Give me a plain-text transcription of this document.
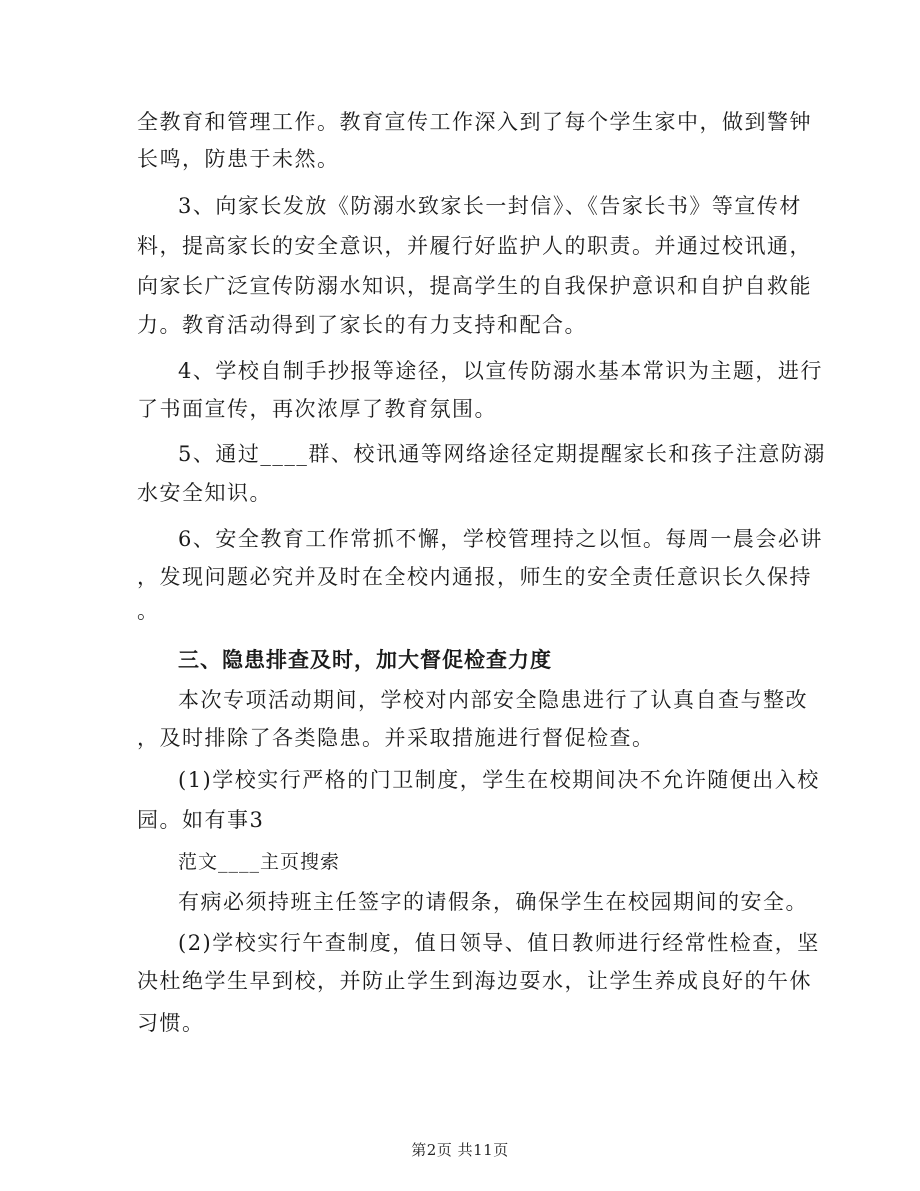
全教育和管理工作。教育宣传工作深入到了每个学生家中，做到警钟
长鸣，防患于未然。
3、向家长发放《防溺水致家长一封信》、《告家长书》等宣传材
料，提高家长的安全意识，并履行好监护人的职责。并通过校讯通，
向家长广泛宣传防溺水知识，提高学生的自我保护意识和自护自救能
力。教育活动得到了家长的有力支持和配合。
4、学校自制手抄报等途径，以宣传防溺水基本常识为主题，进行
了书面宣传，再次浓厚了教育氛围。
5、通过____群、校讯通等网络途径定期提醒家长和孩子注意防溺
水安全知识。
6、安全教育工作常抓不懈，学校管理持之以恒。每周一晨会必讲
，发现问题必究并及时在全校内通报，师生的安全责任意识长久保持
。
三、隐患排查及时，加大督促检查力度
本次专项活动期间，学校对内部安全隐患进行了认真自查与整改
，及时排除了各类隐患。并采取措施进行督促检查。
(1)学校实行严格的门卫制度，学生在校期间决不允许随便出入校
园。如有事3
范文____主页搜索
有病必须持班主任签字的请假条，确保学生在校园期间的安全。
(2)学校实行午查制度，值日领导、值日教师进行经常性检查，坚
决杜绝学生早到校，并防止学生到海边耍水，让学生养成良好的午休
习惯。
第2页 共11页
